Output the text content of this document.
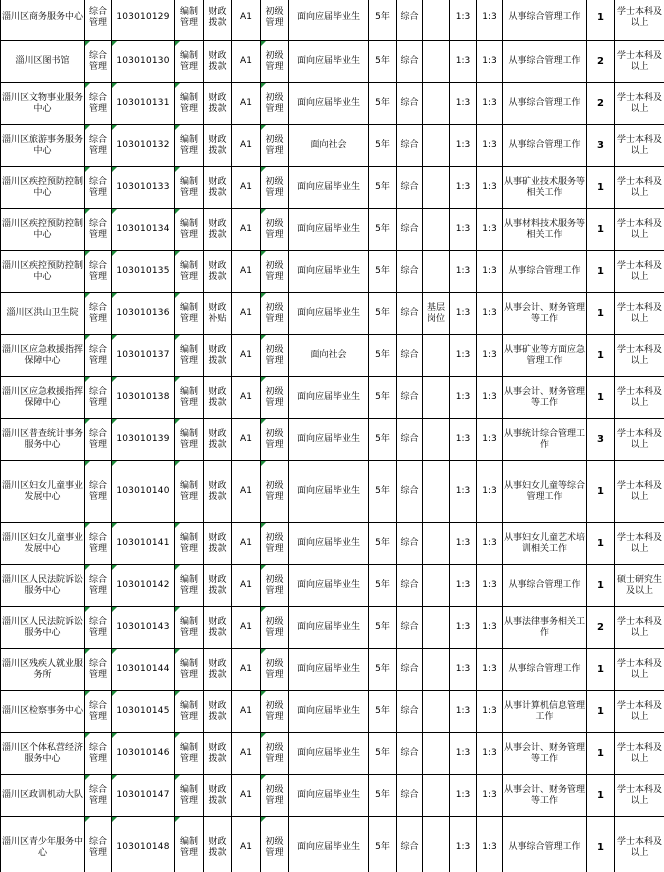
淄川区商务服务中心	综合管理	103010129	编制管理	财政拨款	A1	初级管理	面向应届毕业生	5年	综合		1:3	1:3	从事综合管理工作	1	学士本科及以上
淄川区图书馆	综合管理	103010130	编制管理	财政拨款	A1	初级管理	面向应届毕业生	5年	综合		1:3	1:3	从事综合管理工作	2	学士本科及以上
淄川区文物事业服务中心	综合管理	103010131	编制管理	财政拨款	A1	初级管理	面向应届毕业生	5年	综合		1:3	1:3	从事综合管理工作	2	学士本科及以上
淄川区旅游事务服务中心	综合管理	103010132	编制管理	财政拨款	A1	初级管理	面向社会	5年	综合		1:3	1:3	从事综合管理工作	3	学士本科及以上
淄川区疾控预防控制中心	综合管理	103010133	编制管理	财政拨款	A1	初级管理	面向应届毕业生	5年	综合		1:3	1:3	从事矿业技术服务等相关工作	1	学士本科及以上
淄川区疾控预防控制中心	综合管理	103010134	编制管理	财政拨款	A1	初级管理	面向应届毕业生	5年	综合		1:3	1:3	从事材料技术服务等相关工作	1	学士本科及以上
淄川区疾控预防控制中心	综合管理	103010135	编制管理	财政拨款	A1	初级管理	面向应届毕业生	5年	综合		1:3	1:3	从事综合管理工作	1	学士本科及以上
淄川区洪山卫生院	综合管理	103010136	编制管理	财政补贴	A1	初级管理	面向应届毕业生	5年	综合	基层岗位	1:3	1:3	从事会计、财务管理等工作	1	学士本科及以上
淄川区应急救援指挥保障中心	综合管理	103010137	编制管理	财政拨款	A1	初级管理	面向社会	5年	综合		1:3	1:3	从事矿业等方面应急管理工作	1	学士本科及以上
淄川区应急救援指挥保障中心	综合管理	103010138	编制管理	财政拨款	A1	初级管理	面向应届毕业生	5年	综合		1:3	1:3	从事会计、财务管理等工作	1	学士本科及以上
淄川区普查统计事务服务中心	综合管理	103010139	编制管理	财政拨款	A1	初级管理	面向应届毕业生	5年	综合		1:3	1:3	从事统计综合管理工作	3	学士本科及以上
淄川区妇女儿童事业发展中心	综合管理	103010140	编制管理	财政拨款	A1	初级管理	面向应届毕业生	5年	综合		1:3	1:3	从事妇女儿童等综合管理工作	1	学士本科及以上
淄川区妇女儿童事业发展中心	综合管理	103010141	编制管理	财政拨款	A1	初级管理	面向应届毕业生	5年	综合		1:3	1:3	从事妇女儿童艺术培训相关工作	1	学士本科及以上
淄川区人民法院诉讼服务中心	综合管理	103010142	编制管理	财政拨款	A1	初级管理	面向应届毕业生	5年	综合		1:3	1:3	从事综合管理工作	1	硕士研究生及以上
淄川区人民法院诉讼服务中心	综合管理	103010143	编制管理	财政拨款	A1	初级管理	面向应届毕业生	5年	综合		1:3	1:3	从事法律事务相关工作	2	学士本科及以上
淄川区残疾人就业服务所	综合管理	103010144	编制管理	财政拨款	A1	初级管理	面向应届毕业生	5年	综合		1:3	1:3	从事综合管理工作	1	学士本科及以上
淄川区检察事务中心	综合管理	103010145	编制管理	财政拨款	A1	初级管理	面向应届毕业生	5年	综合		1:3	1:3	从事计算机信息管理工作	1	学士本科及以上
淄川区个体私营经济服务中心	综合管理	103010146	编制管理	财政拨款	A1	初级管理	面向应届毕业生	5年	综合		1:3	1:3	从事会计、财务管理等工作	1	学士本科及以上
淄川区政训机动大队	综合管理	103010147	编制管理	财政拨款	A1	初级管理	面向应届毕业生	5年	综合		1:3	1:3	从事会计、财务管理等工作	1	学士本科及以上
淄川区青少年服务中心	综合管理	103010148	编制管理	财政拨款	A1	初级管理	面向应届毕业生	5年	综合		1:3	1:3	从事综合管理工作	1	学士本科及以上
